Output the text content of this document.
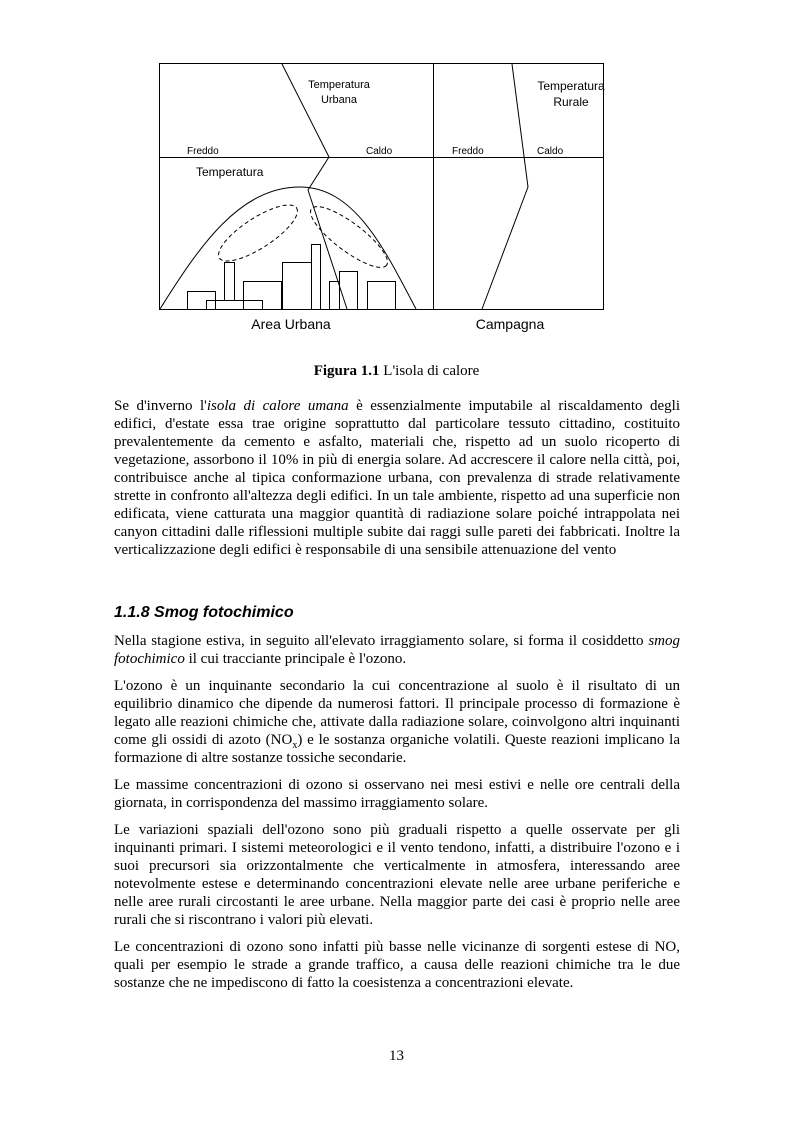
Temperatura
Urbana
Temperatura
Rurale
Freddo	Caldo	Freddo	Caldo
Temperatura
Area Urbana	Campagna
Figura 1.1 L'isola di calore

Se d'inverno l'isola di calore umana è essenzialmente imputabile al riscaldamento degli edifici, d'estate essa trae origine soprattutto dal particolare tessuto cittadino, costituito prevalentemente da cemento e asfalto, materiali che, rispetto ad un suolo ricoperto di vegetazione, assorbono il 10% in più di energia solare. Ad accrescere il calore nella città, poi, contribuisce anche al tipica conformazione urbana, con prevalenza di strade relativamente strette in confronto all'altezza degli edifici. In un tale ambiente, rispetto ad una superficie non edificata, viene catturata una maggior quantità di radiazione solare poiché intrappolata nei canyon cittadini dalle riflessioni multiple subite dai raggi sulle pareti dei fabbricati. Inoltre la verticalizzazione degli edifici è responsabile di una sensibile attenuazione del vento

1.1.8 Smog fotochimico

Nella stagione estiva, in seguito all'elevato irraggiamento solare, si forma il cosiddetto smog fotochimico il cui tracciante principale è l'ozono.

L'ozono è un inquinante secondario la cui concentrazione al suolo è il risultato di un equilibrio dinamico che dipende da numerosi fattori. Il principale processo di formazione è legato alle reazioni chimiche che, attivate dalla radiazione solare, coinvolgono altri inquinanti come gli ossidi di azoto $(NO_x)$ e le sostanza organiche volatili. Queste reazioni implicano la formazione di altre sostanze tossiche secondarie.

Le massime concentrazioni di ozono si osservano nei mesi estivi e nelle ore centrali della giornata, in corrispondenza del massimo irraggiamento solare.

Le variazioni spaziali dell'ozono sono più graduali rispetto a quelle osservate per gli inquinanti primari. I sistemi meteorologici e il vento tendono, infatti, a distribuire l'ozono e i suoi precursori sia orizzontalmente che verticalmente in atmosfera, interessando aree notevolmente estese e determinando concentrazioni elevate nelle aree urbane periferiche e nelle aree rurali circostanti le aree urbane. Nella maggior parte dei casi è proprio nelle aree rurali che si riscontrano i valori più elevati.

Le concentrazioni di ozono sono infatti più basse nelle vicinanze di sorgenti estese di NO, quali per esempio le strade a grande traffico, a causa delle reazioni chimiche tra le due sostanze che ne impediscono di fatto la coesistenza a concentrazioni elevate.

13
